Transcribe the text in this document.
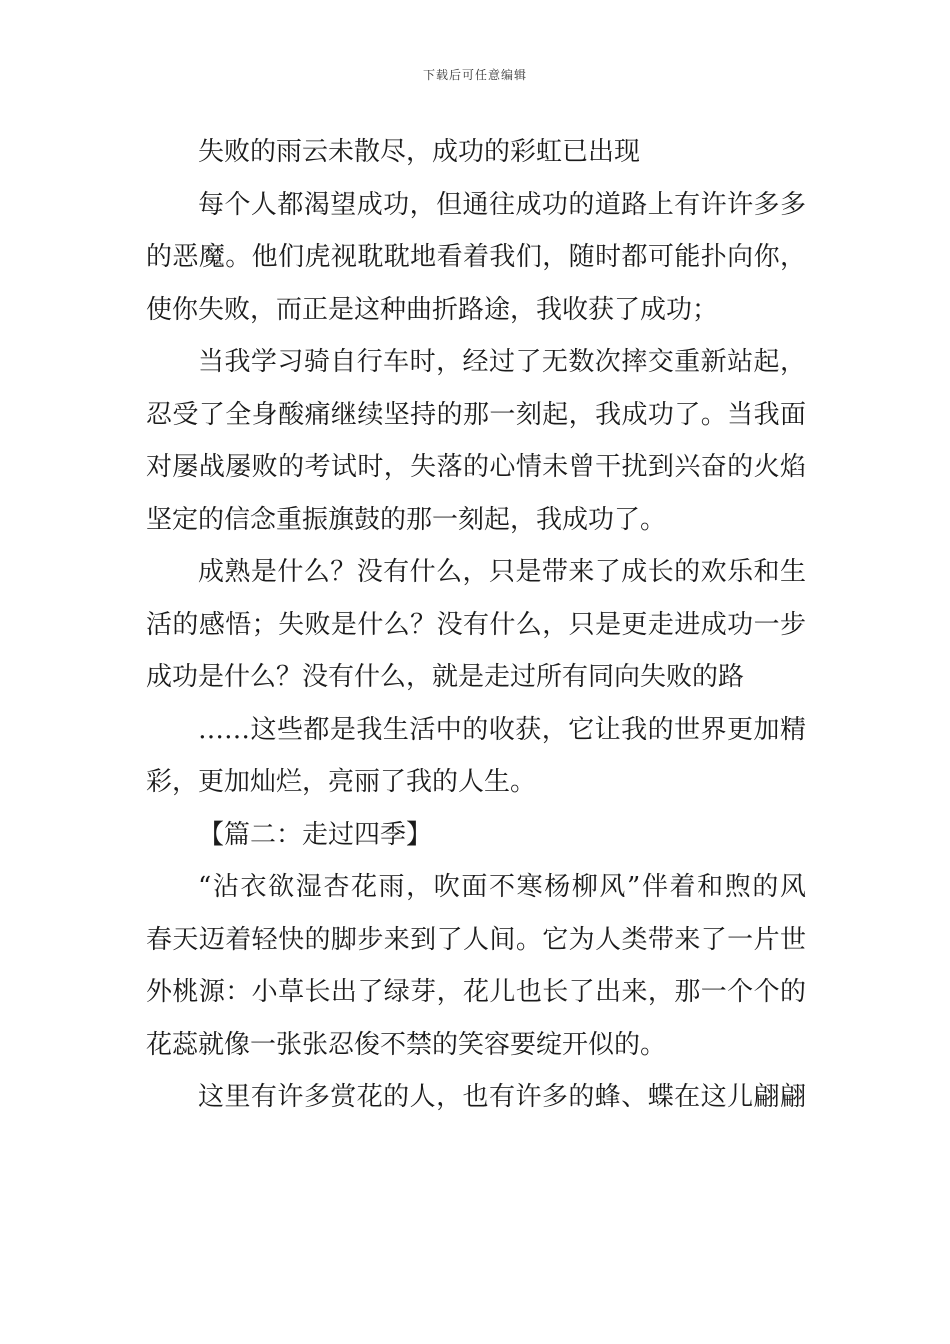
下载后可任意编辑
失败的雨云未散尽，成功的彩虹已出现
每个人都渴望成功，但通往成功的道路上有许许多多
的恶魔。他们虎视耽耽地看着我们，随时都可能扑向你，
使你失败，而正是这种曲折路途，我收获了成功；
当我学习骑自行车时，经过了无数次摔交重新站起，
忍受了全身酸痛继续坚持的那一刻起，我成功了。当我面
对屡战屡败的考试时，失落的心情未曾干扰到兴奋的火焰
坚定的信念重振旗鼓的那一刻起，我成功了。
成熟是什么？没有什么，只是带来了成长的欢乐和生
活的感悟；失败是什么？没有什么，只是更走进成功一步
成功是什么？没有什么，就是走过所有同向失败的路
……这些都是我生活中的收获，它让我的世界更加精
彩，更加灿烂，亮丽了我的人生。
【篇二：走过四季】
“沾衣欲湿杏花雨，吹面不寒杨柳风”伴着和煦的风
春天迈着轻快的脚步来到了人间。它为人类带来了一片世
外桃源：小草长出了绿芽，花儿也长了出来，那一个个的
花蕊就像一张张忍俊不禁的笑容要绽开似的。
这里有许多赏花的人，也有许多的蜂、蝶在这儿翩翩
